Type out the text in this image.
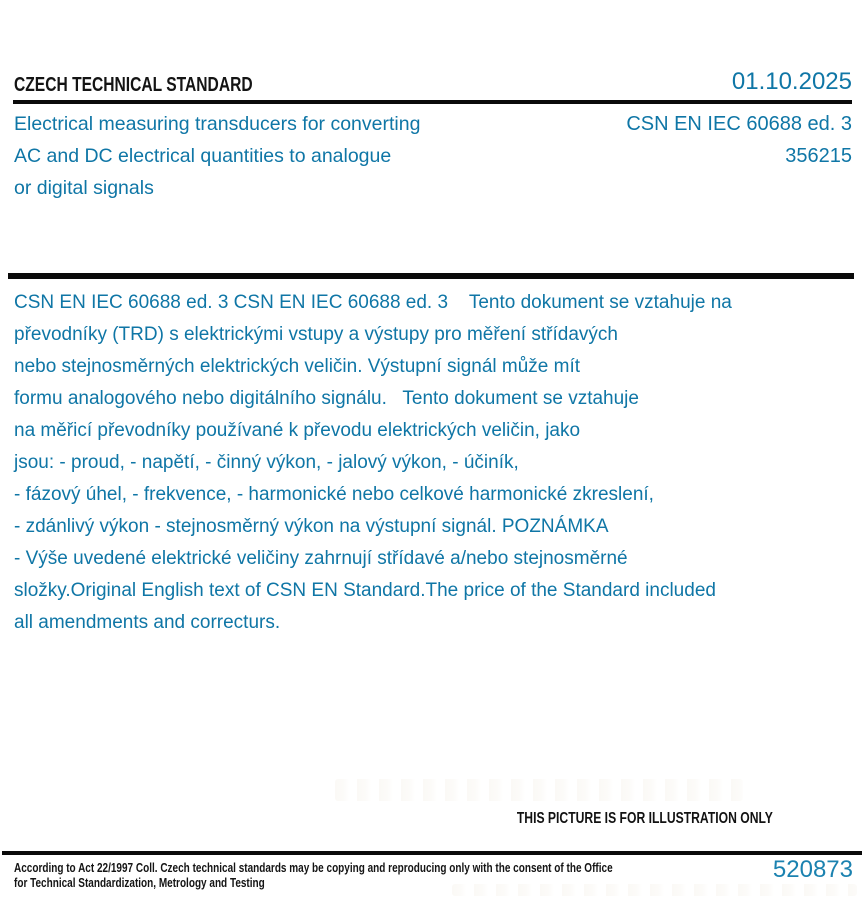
CZECH TECHNICAL STANDARD	01.10.2025
Electrical measuring transducers for converting
AC and DC electrical quantities to analogue
or digital signals
CSN EN IEC 60688 ed. 3
356215
CSN EN IEC 60688 ed. 3 CSN EN IEC 60688 ed. 3    Tento dokument se vztahuje na
převodníky (TRD) s elektrickými vstupy a výstupy pro měření střídavých
nebo stejnosměrných elektrických veličin. Výstupní signál může mít
formu analogového nebo digitálního signálu.   Tento dokument se vztahuje
na měřicí převodníky používané k převodu elektrických veličin, jako
jsou: - proud, - napětí, - činný výkon, - jalový výkon, - účiník,
- fázový úhel, - frekvence, - harmonické nebo celkové harmonické zkreslení,
- zdánlivý výkon - stejnosměrný výkon na výstupní signál. POZNÁMKA
- Výše uvedené elektrické veličiny zahrnují střídavé a/nebo stejnosměrné
složky.Original English text of CSN EN Standard.The price of the Standard included
all amendments and correcturs.
THIS PICTURE IS FOR ILLUSTRATION ONLY
According to Act 22/1997 Coll. Czech technical standards may be copying and reproducing only with the consent of the Office
for Technical Standardization, Metrology and Testing	520873
